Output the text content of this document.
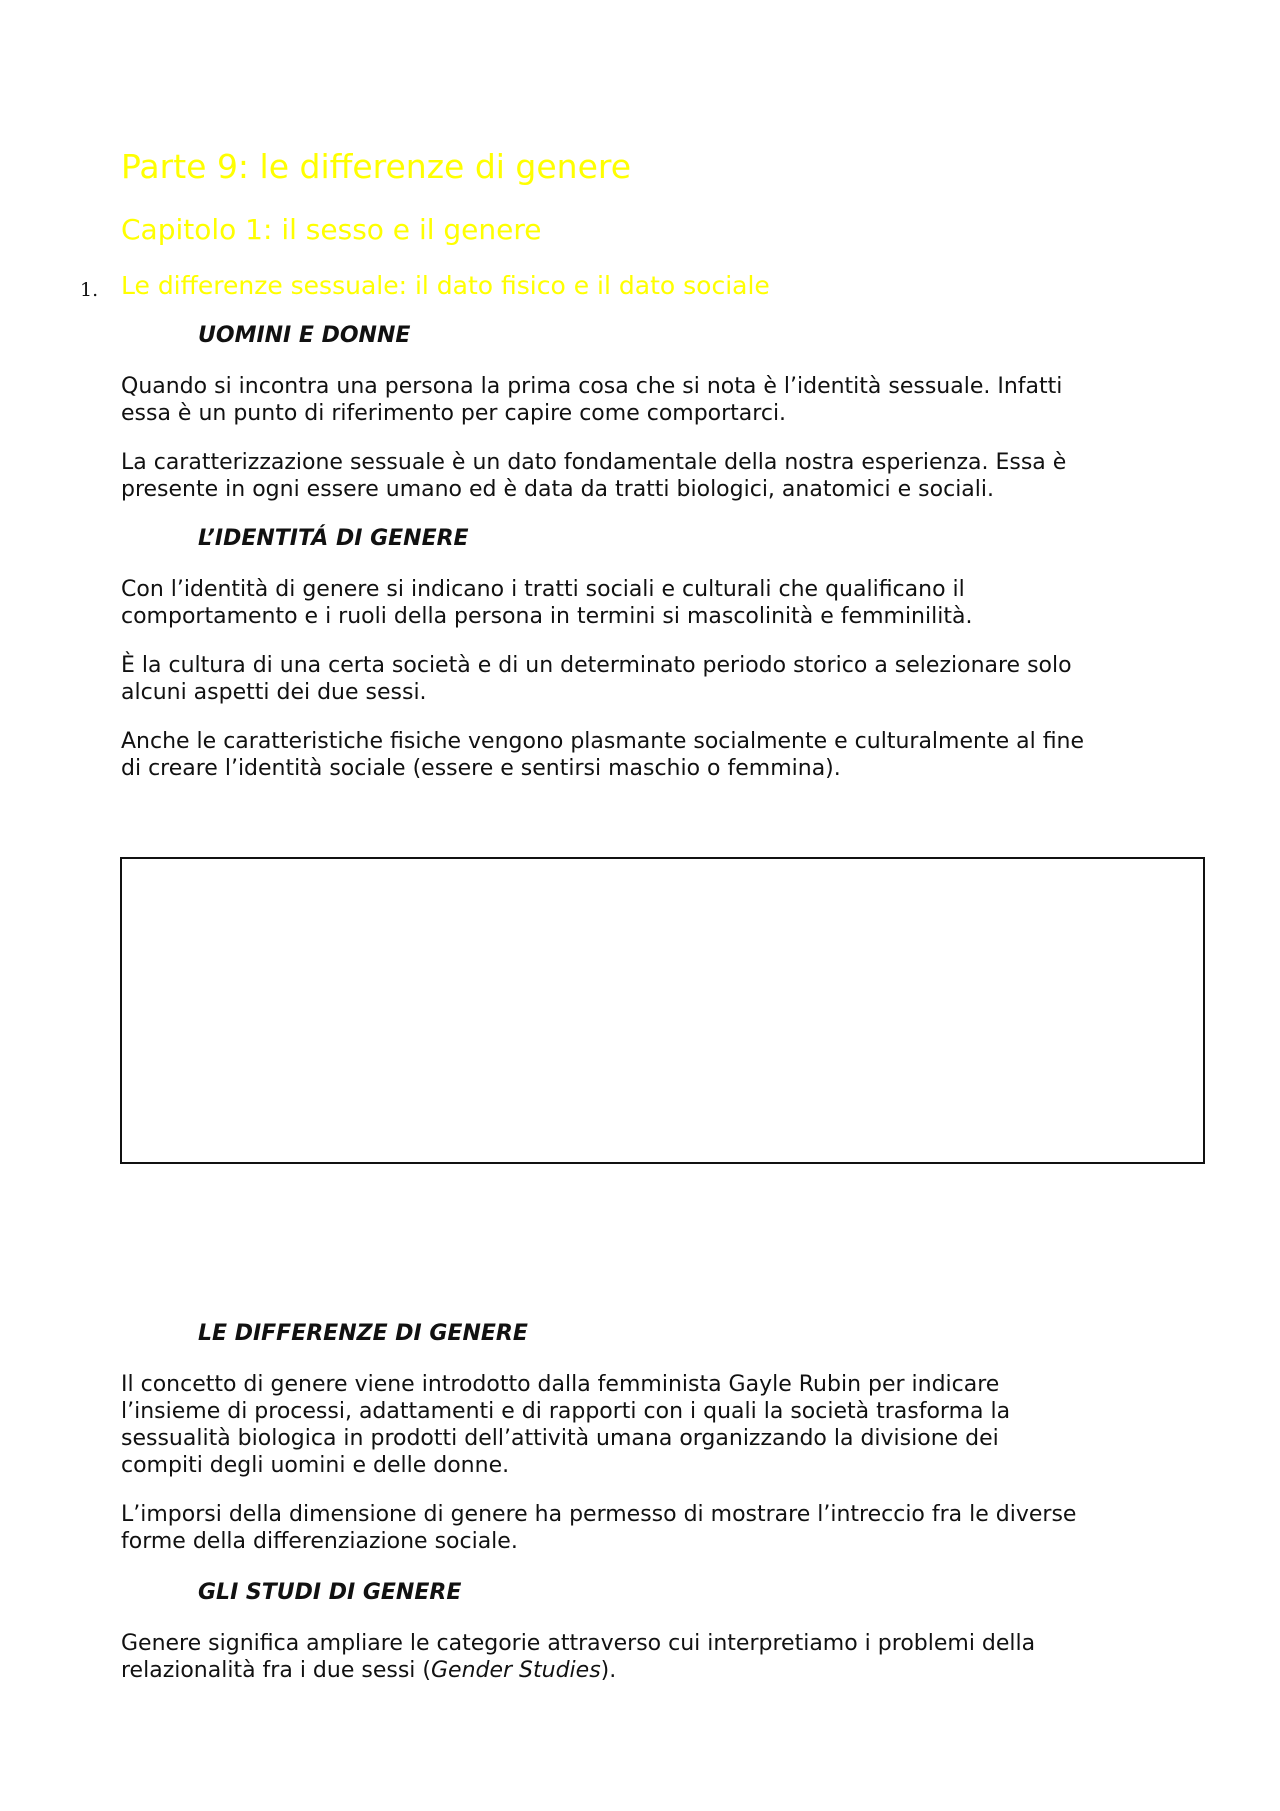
Parte 9: le differenze di genere
Capitolo 1: il sesso e il genere
1. Le differenze sessuale: il dato fisico e il dato sociale
UOMINI E DONNE
Quando si incontra una persona la prima cosa che si nota è l’identità sessuale. Infatti
essa è un punto di riferimento per capire come comportarci.
La caratterizzazione sessuale è un dato fondamentale della nostra esperienza. Essa è
presente in ogni essere umano ed è data da tratti biologici, anatomici e sociali.
L’IDENTITÁ DI GENERE
Con l’identità di genere si indicano i tratti sociali e culturali che qualificano il
comportamento e i ruoli della persona in termini si mascolinità e femminilità.
È la cultura di una certa società e di un determinato periodo storico a selezionare solo
alcuni aspetti dei due sessi.
Anche le caratteristiche fisiche vengono plasmante socialmente e culturalmente al fine
di creare l’identità sociale (essere e sentirsi maschio o femmina).
LE DIFFERENZE DI GENERE
Il concetto di genere viene introdotto dalla femminista Gayle Rubin per indicare
l’insieme di processi, adattamenti e di rapporti con i quali la società trasforma la
sessualità biologica in prodotti dell’attività umana organizzando la divisione dei
compiti degli uomini e delle donne.
L’imporsi della dimensione di genere ha permesso di mostrare l’intreccio fra le diverse
forme della differenziazione sociale.
GLI STUDI DI GENERE
Genere significa ampliare le categorie attraverso cui interpretiamo i problemi della
relazionalità fra i due sessi (Gender Studies).
